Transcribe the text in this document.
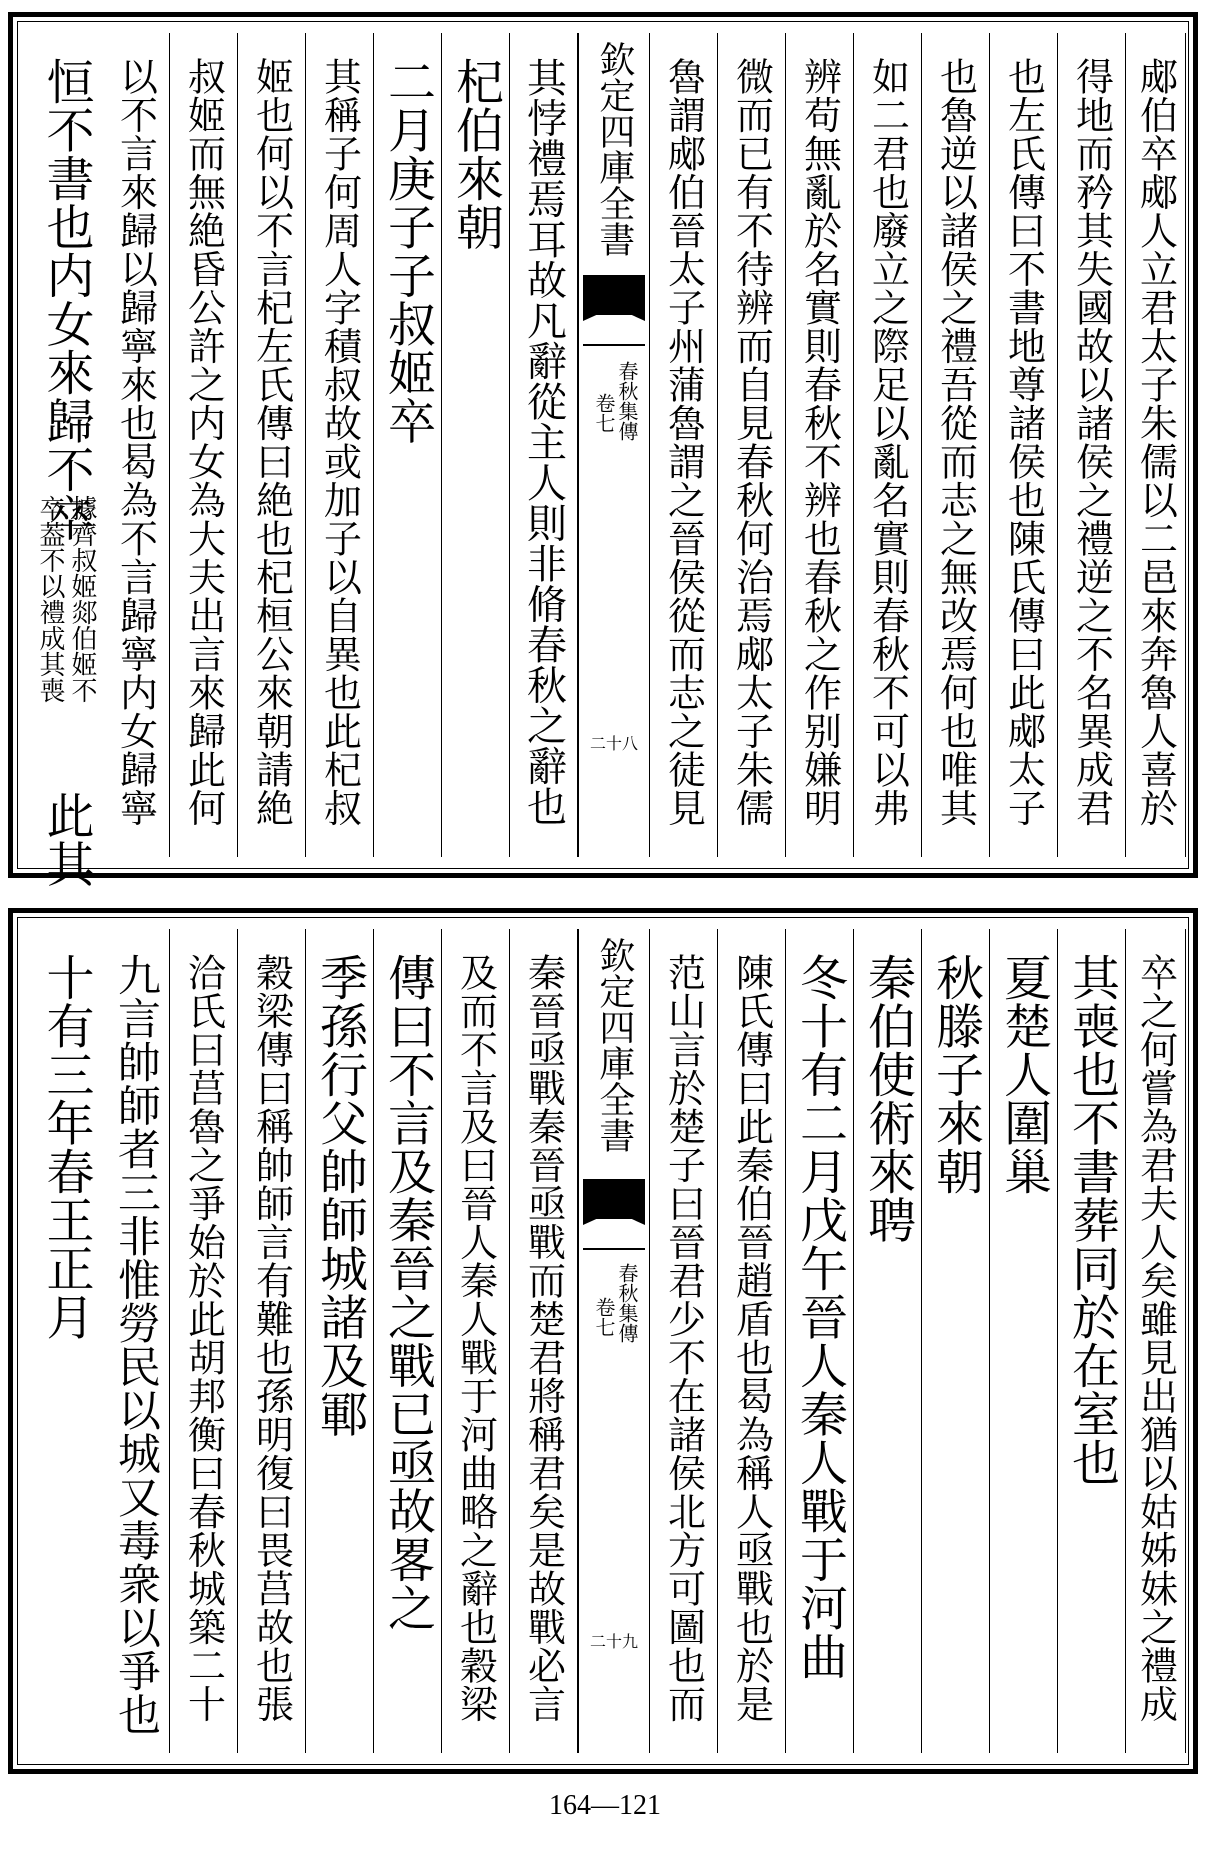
郕伯卒郕人立君太子朱儒以二邑來奔魯人喜於
得地而矜其失國故以諸侯之禮逆之不名異成君
也左氏傳曰不書地尊諸侯也陳氏傳曰此郕太子
也魯逆以諸侯之禮吾從而志之無改焉何也唯其
如二君也廢立之際足以亂名實則春秋不可以弗
辨苟無亂於名實則春秋不辨也春秋之作别嫌明
微而已有不待辨而自見春秋何治焉郕太子朱儒
魯謂郕伯晉太子州蒲魯謂之晉侯從而志之徒見
欽定四庫全書
春秋集傳
卷七
二十八
其悖禮焉耳故凡辭從主人則非脩春秋之辭也
杞伯來朝
二月庚子子叔姬卒
其稱子何周人字積叔故或加子以自異也此杞叔
姬也何以不言杞左氏傳曰絶也杞桓公來朝請絶
叔姬而無絶昏公許之内女為大夫出言來歸此何
以不言來歸以歸寧來也曷為不言歸寧内女歸寧
恒不書也内女來歸不卒
據齊叔姬郯伯姬不
卒葢不以禮成其喪
此其
卒之何嘗為君夫人矣雖見出猶以姑姊妹之禮成
其喪也不書葬同於在室也
夏楚人圍巢
秋滕子來朝
秦伯使術來聘
冬十有二月戊午晉人秦人戰于河曲
陳氏傳曰此秦伯晉趙盾也曷為稱人亟戰也於是
范山言於楚子曰晉君少不在諸侯北方可圖也而
欽定四庫全書
春秋集傳
卷七
二十九
秦晉亟戰秦晉亟戰而楚君將稱君矣是故戰必言
及而不言及曰晉人秦人戰于河曲略之辭也穀梁
傳曰不言及秦晉之戰已亟故畧之
季孫行父帥師城諸及鄆
穀梁傳曰稱帥師言有難也孫明復曰畏莒故也張
洽氏曰莒魯之爭始於此胡邦衡曰春秋城築二十
九言帥師者三非惟勞民以城又毒衆以爭也
十有三年春王正月
164—121
